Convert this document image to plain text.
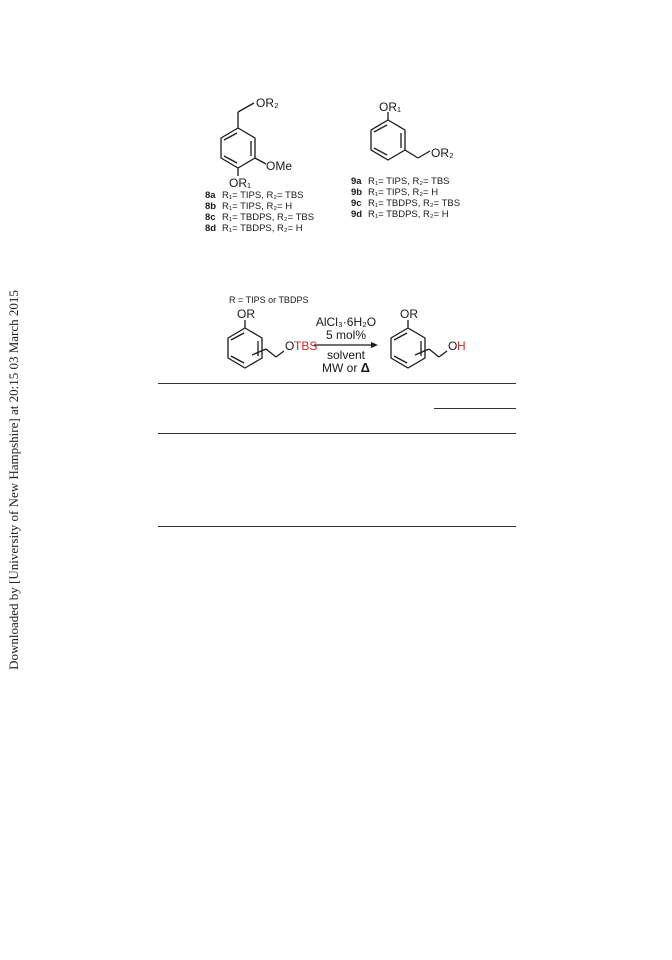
Downloaded by [University of New Hampshire] at 20:15 03 March 2015
OR₂
OMe
OR₁
8a R₁= TIPS, R₂= TBS
8b R₁= TIPS, R₂= H
8c R₁= TBDPS, R₂= TBS
8d R₁= TBDPS, R₂= H
OR₁
OR₂
9a R₁= TIPS, R₂= TBS
9b R₁= TIPS, R₂= H
9c R₁= TBDPS, R₂= TBS
9d R₁= TBDPS, R₂= H
R = TIPS or TBDPS
OR
O TBS
AlCl₃·6H₂O
5 mol%
solvent
MW or Δ
OR
O H
